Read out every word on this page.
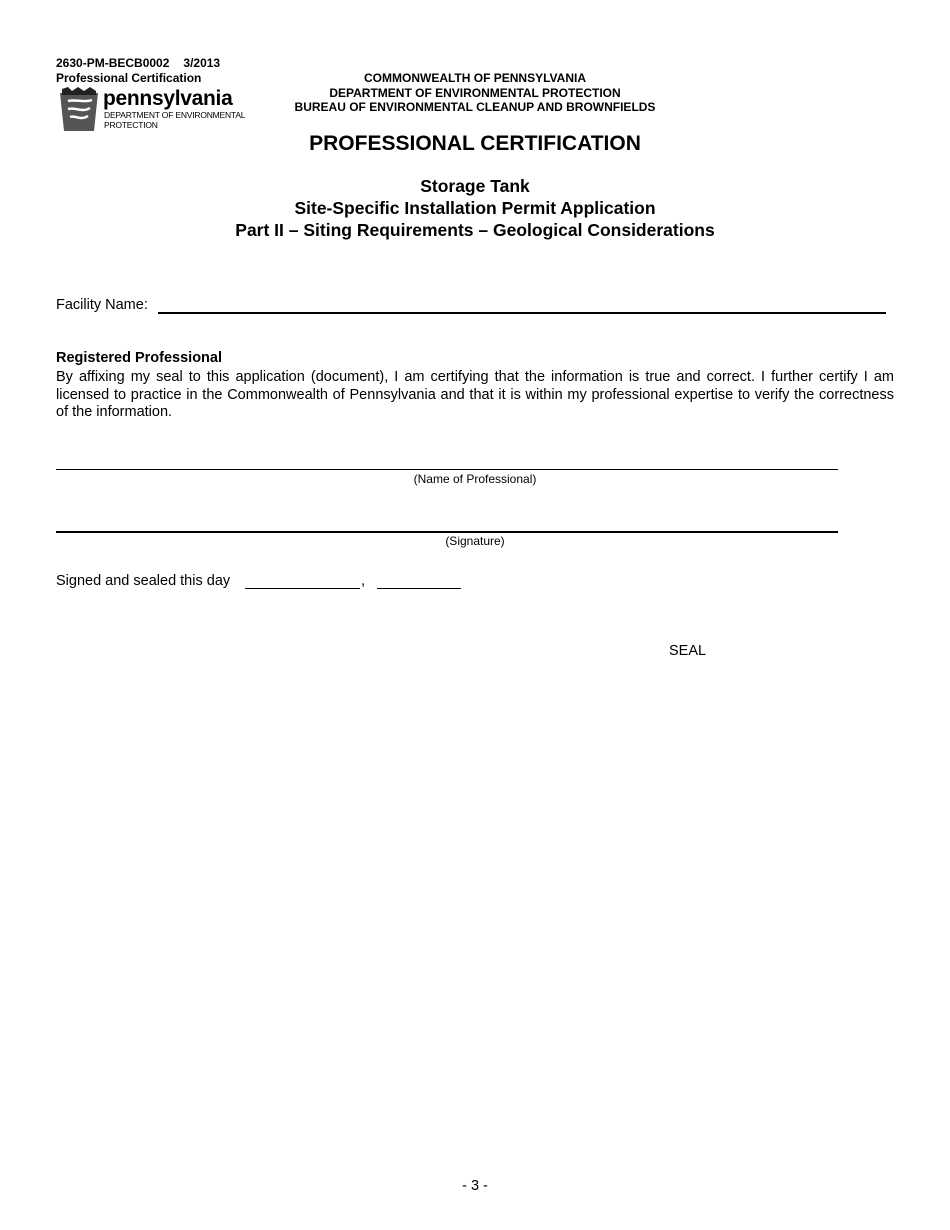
2630-PM-BECB0002 3/2013
Professional Certification
pennsylvania
DEPARTMENT OF ENVIRONMENTAL
PROTECTION
COMMONWEALTH OF PENNSYLVANIA
DEPARTMENT OF ENVIRONMENTAL PROTECTION
BUREAU OF ENVIRONMENTAL CLEANUP AND BROWNFIELDS
PROFESSIONAL CERTIFICATION
Storage Tank
Site-Specific Installation Permit Application
Part II – Siting Requirements – Geological Considerations
Facility Name:
Registered Professional
By affixing my seal to this application (document), I am certifying that the information is true and correct. I further certify I am licensed to practice in the Commonwealth of Pennsylvania and that it is within my professional expertise to verify the correctness of the information.
(Name of Professional)
(Signature)
Signed and sealed this day	,
SEAL
- 3 -
